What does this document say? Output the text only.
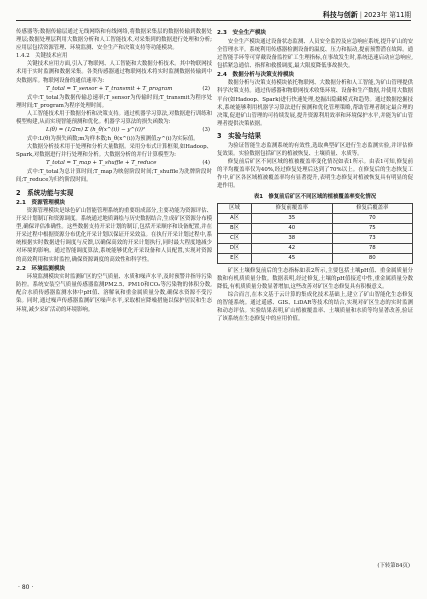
科技与创新 | 2023年 第11期

传感器等;数据传输层通过无线网络和有线网络,将数据采集层的数据传输到数据处理层;数据处理层利用大数据分析和人工智能技术,对采集到的数据进行处理和分析;应用层包括资源管理、环境监测、安全生产和决策支持等功能模块。

1.4.2　关键技术应用

关键技术应用方面,引入了物联网、人工智能和大数据分析技术。其中物联网技术用于实时监测和数据采集。各类传感器通过物联网技术将实时监测数据传输到中央数据库。物联网设备的通信速率为:

T_total = T_sensor + T_transmit + T_program	(2)

式中:T_total为数据传输总速率;T_sensor为传输时间;T_transmit为程序处理时间;T_program为程序处理时间。

人工智能技术用于数据分析和决策支持。通过机器学习算法,对数据进行训练和模型构建,从而实现智能预测和优化。机器学习算法的损失函数为:

L(θ) = (1/2m) Σ (h_θ(x^(i)) − y^(i))²	(3)

式中:L(θ)为损失函数;m为样本数;h_θ(x^(i))为预测值;y^(i)为实际值。

大数据分析技术用于处理和分析大量数据。采用分布式计算框架,如Hadoop、Spark,对数据进行并行处理和分析。大数据分析的并行计算模型为:

T_total = T_map + T_shuffle + T_reduce	(4)

式中:T_total为总计算时间;T_map为映射阶段时间;T_shuffle为洗牌阶段时间;T_reduce为归约阶段时间。

2　系统功能与实现
2.1　资源管理模块

资源管理模块是绿色矿山智能管理系统的重要组成部分,主要功能为资源评估、开采计划制订和资源调度。系统通过地质调绘与历史数据结合,生成矿区资源分布模型,确保评估准确性。这些数据支持开采计划的制订,包括开采顺序和设备配置,并在开采过程中根据资源分布优化开采计划以保证开采效益。在执行开采计划过程中,系统根据实时数据进行调度与反馈,以确保高效的开采计划执行,同时最大程度地减少对环境的影响。通过智能调度算法,系统能够优化开采设备和人员配置,实现对资源的高效利用和实时监控,确保资源调度的高效性和科学性。

2.2　环境监测模块

环境监测模块实时监测矿区的空气质量、水质和噪声水平,及时预警并指导污染防控。系统安装空气质量传感器监测PM2.5、PM10和CO₂等污染物的体积分数,配合水质传感器监测水体中pH值、溶解氧和重金属质量分数,确保水资源不受污染。同时,通过噪声传感器监测矿区噪声水平,采取相应降噪措施以保护居民和生态环境,减少采矿活动的环境影响。

2.3　安全生产模块

安全生产模块通过设备状态监测、人员安全监控及应急响应系统,提升矿山的安全管理水平。系统利用传感器检测设备的温度、压力和振动,提前预警潜在故障。通过智能手环等可穿戴设备监控矿工生理指标,在事故发生时,系统迅速启动应急响应,包括紧急通信、指挥和救援调度,最大限度降低事故损失。

2.4　数据分析与决策支持模块

数据分析与决策支持模块依托物联网、大数据分析和人工智能,为矿山管理提供科学决策支持。通过传感器和物联网技术收集环境、设备和生产数据,并使用大数据平台(如Hadoop、Spark)进行快速处理,挖掘出隐藏模式和趋势。通过数据挖掘技术,系统能够利用机器学习算法进行预测和优化管理策略,帮助管理者制定最合理的决策,促进矿山管理的可持续发展,提升资源利用效率和环境保护水平,并能为矿山管理者提供决策依据。

3　实验与结果

为验证智能生态监测系统的有效性,选取典型矿区进行生态监测实验,并评估修复效果。实验数据包括矿区的植被恢复、土壤质量、水质等。

修复前后矿区不同区域的植被覆盖率变化情况如表1所示。由表1可知,修复前的平均覆盖率仅为40%,经过修复处理后达到了70%以上。在修复后的生态恢复工作中,矿区各区域植被覆盖率均有显著提升,表明生态修复对植被恢复具有明显的促进作用。

表1　修复前后矿区不同区域的植被覆盖率变化情况
区域	修复前覆盖率	修复后覆盖率
A区	35	70
B区	40	75
C区	38	73
D区	42	78
E区	45	80

矿区土壤修复前后的生态指标如表2所示,主要包括土壤pH值、重金属质量分数和有机质质量分数。数据表明,经过修复,土壤的pH值接近中性,重金属质量分数降低,有机质质量分数显著增加,这些改善对矿区生态修复具有积极意义。

综合而言,在本文基于云计算的集成化技术基础上,建立了矿山智能化生态修复的智能系统。通过遥感、GIS、LiDAR等技术的结合,实现对矿区生态的实时监测和动态评估。实验结果表明,矿山植被覆盖率、土壤质量和水质等均显著改善,验证了该系统在生态修复中的应用价值。

(下转第84页)
· 80 ·
